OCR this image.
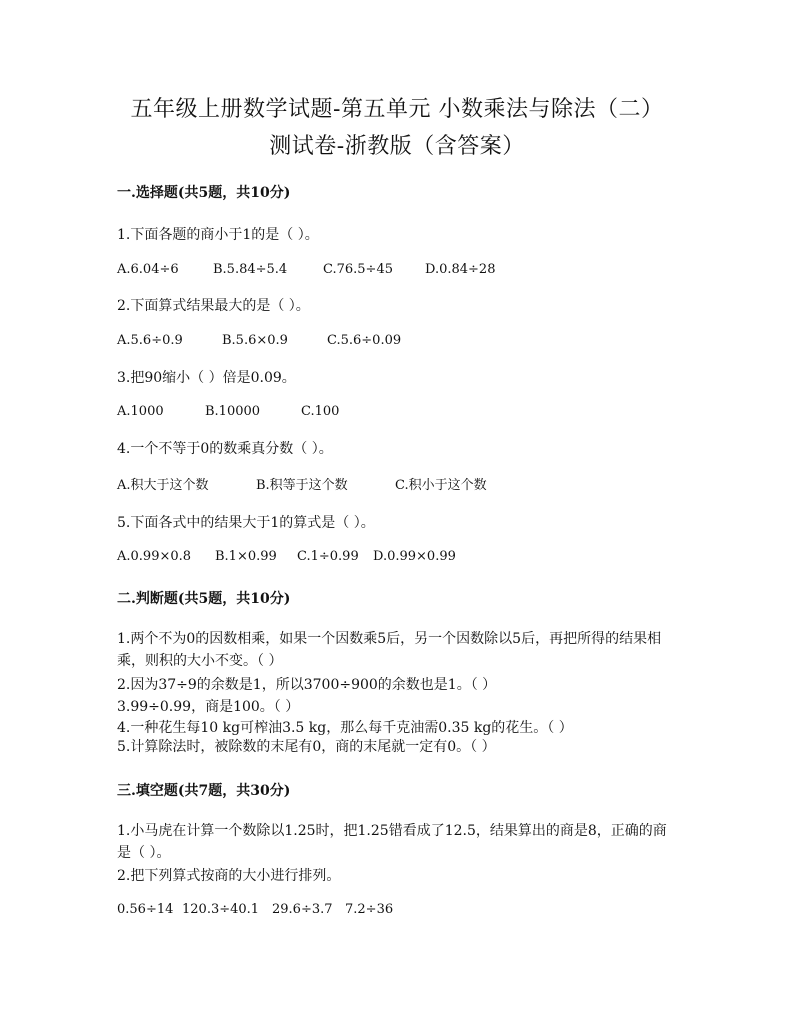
五年级上册数学试题-第五单元 小数乘法与除法（二）
测试卷-浙教版（含答案）
一.选择题(共5题，共10分)
1.下面各题的商小于1的是（ ）。
A.6.04÷6	B.5.84÷5.4	C.76.5÷45 D.0.84÷28
2.下面算式结果最大的是（ ）。
A.5.6÷0.9	B.5.6×0.9	C.5.6÷0.09
3.把90缩小（ ）倍是0.09。
A.1000	B.10000	C.100
4.一个不等于0的数乘真分数（ ）。
A.积大于这个数	B.积等于这个数	C.积小于这个数
5.下面各式中的结果大于1的算式是（ ）。
A.0.99×0.8 B.1×0.99 C.1÷0.99 D.0.99×0.99
二.判断题(共5题，共10分)
1.两个不为0的因数相乘，如果一个因数乘5后，另一个因数除以5后，再把所得的结果相乘，则积的大小不变。（ ）
2.因为37÷9的余数是1，所以3700÷900的余数也是1。（ ）
3.99÷0.99，商是100。（ ）
4.一种花生每10 kg可榨油3.5 kg，那么每千克油需0.35 kg的花生。（ ）
5.计算除法时，被除数的末尾有0，商的末尾就一定有0。（ ）
三.填空题(共7题，共30分)
1.小马虎在计算一个数除以1.25时，把1.25错看成了12.5，结果算出的商是8，正确的商是（ ）。
2.把下列算式按商的大小进行排列。
0.56÷14 120.3÷40.1 29.6÷3.7 7.2÷36
